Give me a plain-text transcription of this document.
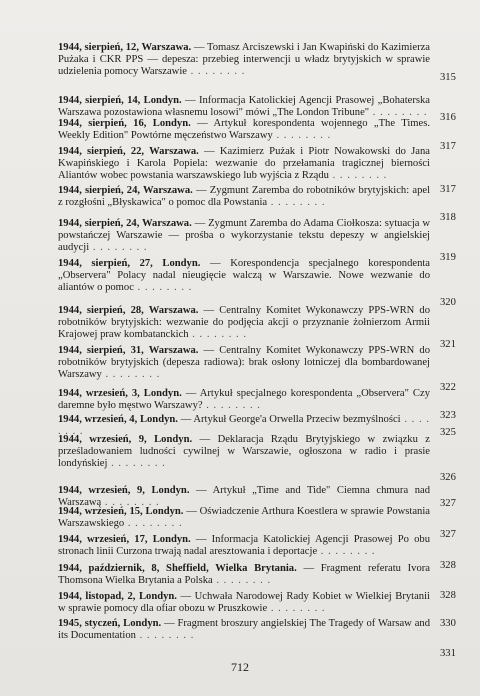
1944, sierpień, 12, Warszawa. — Tomasz Arciszewski i Jan Kwapiński do Kazimierza Pużaka i CKR PPS — depesza: przebieg interwencji u władz brytyjskich w sprawie udzielenia pomocy Warszawie . . . . . . . .
315
1944, sierpień, 14, Londyn. — Informacja Katolickiej Agencji Prasowej „Bohaterska Warszawa pozostawiona własnemu losowi" mówi „The London Tribune" . . . . . . . . 316
1944, sierpień, 16, Londyn. — Artykuł korespondenta wojennego „The Times. Weekly Edition" Powtórne męczeństwo Warszawy . . . . . . . .
317
1944, sierpień, 22, Warszawa. — Kazimierz Pużak i Piotr Nowakowski do Jana Kwapińskiego i Karola Popiela: wezwanie do przełamania tragicznej bierności Aliantów wobec powstania warszawskiego lub wyjścia z Rządu . . . . . . . .
317
1944, sierpień, 24, Warszawa. — Zygmunt Zaremba do robotników brytyjskich: apel z rozgłośni „Błyskawica" o pomoc dla Powstania . . . . . . . .
318
1944, sierpień, 24, Warszawa. — Zygmunt Zaremba do Adama Ciołkosza: sytuacja w powstańczej Warszawie — prośba o wykorzystanie tekstu depeszy w angielskiej audycji . . . . . . . .
319
1944, sierpień, 27, Londyn. — Korespondencja specjalnego korespondenta „Observera" Polacy nadal nieugięcie walczą w Warszawie. Nowe wezwanie do aliantów o pomoc . . . . . . . .
320
1944, sierpień, 28, Warszawa. — Centralny Komitet Wykonawczy PPS-WRN do robotników brytyjskich: wezwanie do podjęcia akcji o przyznanie żołnierzom Armii Krajowej praw kombatanckich . . . . . . . .
321
1944, sierpień, 31, Warszawa. — Centralny Komitet Wykonawczy PPS-WRN do robotników brytyjskich (depesza radiowa): brak osłony lotniczej dla bombardowanej Warszawy . . . . . . . .
322
1944, wrzesień, 3, Londyn. — Artykuł specjalnego korespondenta „Observera" Czy daremne było męstwo Warszawy? . . . . . . . .
323
1944, wrzesień, 4, Londyn. — Artykuł George'a Orwella Przeciw bezmyślności . . . . . . . .	325
1944, wrzesień, 9, Londyn. — Deklaracja Rządu Brytyjskiego w związku z prześladowaniem ludności cywilnej w Warszawie, ogłoszona w radio i prasie londyńskiej . . . . . . . .
326
1944, wrzesień, 9, Londyn. — Artykuł „Time and Tide" Ciemna chmura nad Warszawą . . . . . . . .	327
1944, wrzesień, 15, Londyn. — Oświadczenie Arthura Koestlera w sprawie Powstania Warszawskiego . . . . . . . .
327
1944, wrzesień, 17, Londyn. — Informacja Katolickiej Agencji Prasowej Po obu stronach linii Curzona trwają nadal aresztowania i deportacje . . . . . . . .
328
1944, październik, 8, Sheffield, Wielka Brytania. — Fragment referatu Ivora Thomsona Wielka Brytania a Polska . . . . . . . .
328
1944, listopad, 2, Londyn. — Uchwała Narodowej Rady Kobiet w Wielkiej Brytanii w sprawie pomocy dla ofiar obozu w Pruszkowie . . . . . . . .
330
1945, styczeń, Londyn. — Fragment broszury angielskiej The Tragedy of Warsaw and its Documentation . . . . . . . .
331
712
